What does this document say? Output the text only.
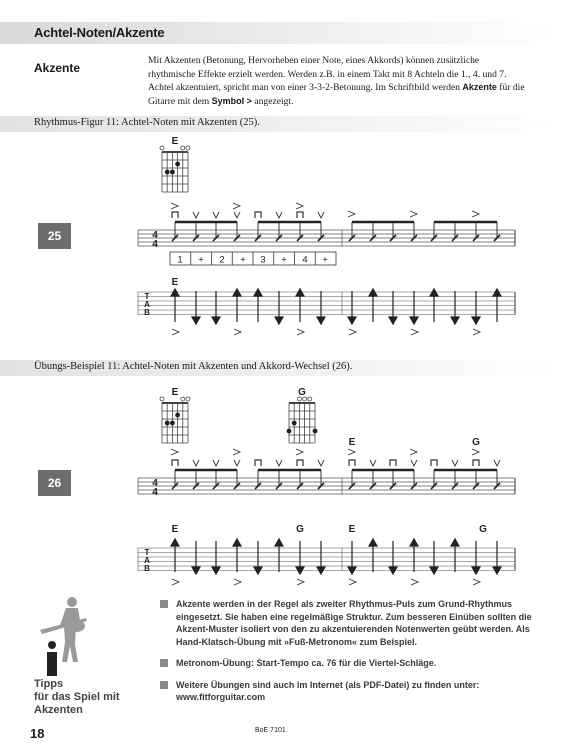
Achtel-Noten/Akzente
Akzente
Mit Akzenten (Betonung, Hervorheben einer Note, eines Akkords) können zusätzliche rhythmische Effekte erzielt werden. Werden z.B. in einem Takt mit 8 Achteln die 1., 4. und 7. Achtel akzentuiert, spricht man von einer 3-3-2-Betonung. Im Schriftbild werden Akzente für die Gitarre mit dem Symbol > angezeigt.
Rhythmus-Figur 11: Achtel-Noten mit Akzenten (25).
25
E
4
4
1 + 2 + 3 + 4 +
E
T
A
B
Übungs-Beispiel 11: Achtel-Noten mit Akzenten und Akkord-Wechsel (26).
26
E	G
E	G
4
4
E	G	E	G
T
A
B
Tipps
für das Spiel mit
Akzenten
Akzente werden in der Regel als zweiter Rhythmus-Puls zum Grund-Rhythmus eingesetzt. Sie haben eine regelmäßige Struktur. Zum besseren Einüben sollten die Akzent-Muster isoliert von den zu akzentuierenden Notenwerten geübt werden. Als Hand-Klatsch-Übung mit »Fuß-Metronom« zum Beispiel.
Metronom-Übung: Start-Tempo ca. 76 für die Viertel-Schläge.
Weitere Übungen sind auch im Internet (als PDF-Datei) zu finden unter: www.fitforguitar.com
18	BoE 7101
